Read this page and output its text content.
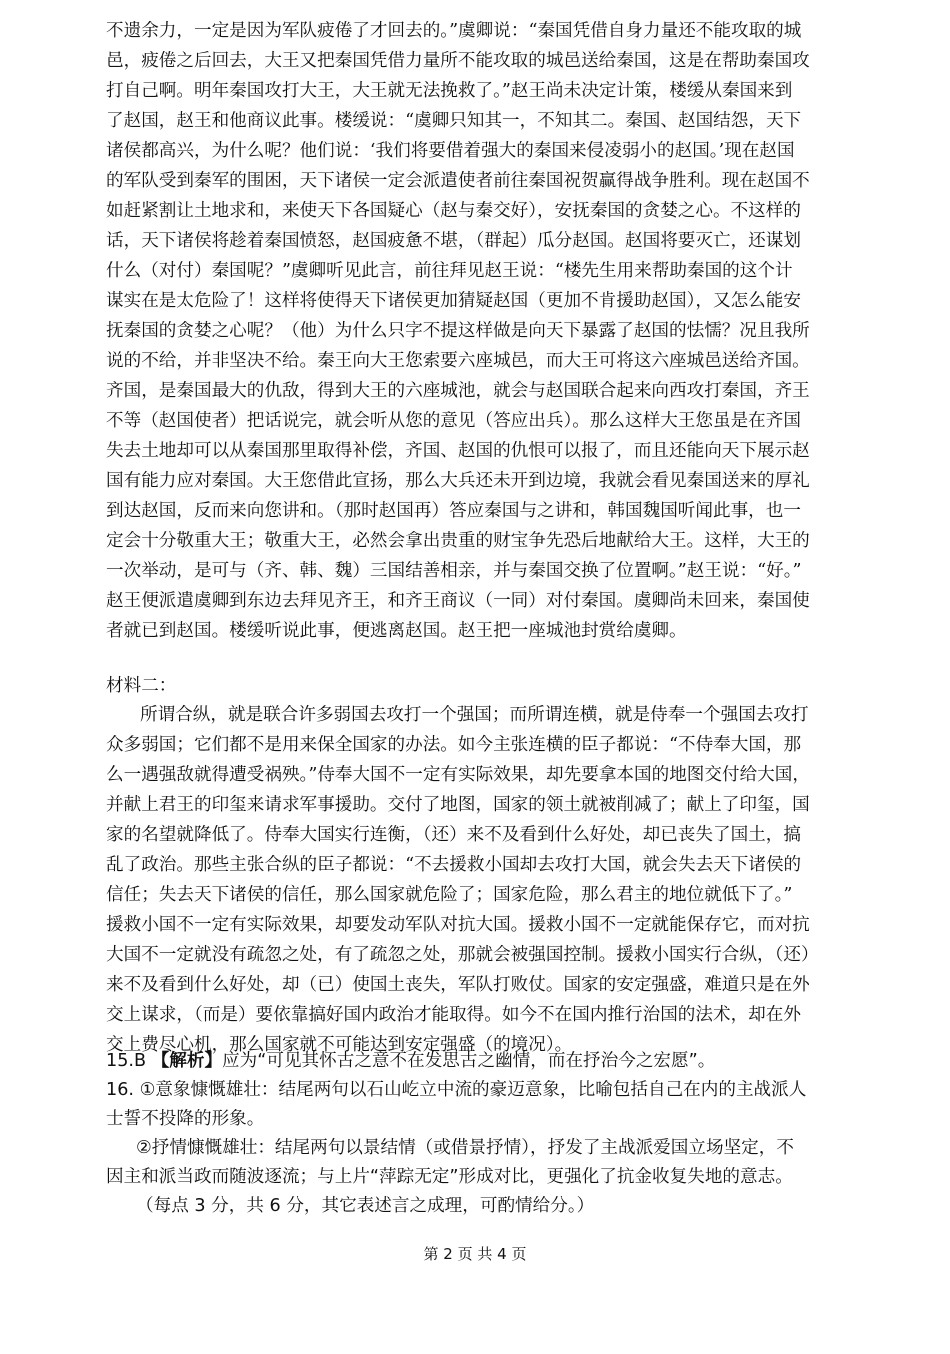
不遗余力，一定是因为军队疲倦了才回去的。”虞卿说：“秦国凭借自身力量还不能攻取的城
邑，疲倦之后回去，大王又把秦国凭借力量所不能攻取的城邑送给秦国，这是在帮助秦国攻
打自己啊。明年秦国攻打大王，大王就无法挽救了。”赵王尚未决定计策，楼缓从秦国来到
了赵国，赵王和他商议此事。楼缓说：“虞卿只知其一，不知其二。秦国、赵国结怨，天下
诸侯都高兴，为什么呢？他们说：‘我们将要借着强大的秦国来侵凌弱小的赵国。’现在赵国
的军队受到秦军的围困，天下诸侯一定会派遣使者前往秦国祝贺赢得战争胜利。现在赵国不
如赶紧割让土地求和，来使天下各国疑心（赵与秦交好），安抚秦国的贪婪之心。不这样的
话，天下诸侯将趁着秦国愤怒，赵国疲惫不堪，（群起）瓜分赵国。赵国将要灭亡，还谋划
什么（对付）秦国呢？”虞卿听见此言，前往拜见赵王说：“楼先生用来帮助秦国的这个计
谋实在是太危险了！这样将使得天下诸侯更加猜疑赵国（更加不肯援助赵国），又怎么能安
抚秦国的贪婪之心呢？（他）为什么只字不提这样做是向天下暴露了赵国的怯懦？况且我所
说的不给，并非坚决不给。秦王向大王您索要六座城邑，而大王可将这六座城邑送给齐国。
齐国，是秦国最大的仇敌，得到大王的六座城池，就会与赵国联合起来向西攻打秦国，齐王
不等（赵国使者）把话说完，就会听从您的意见（答应出兵）。那么这样大王您虽是在齐国
失去土地却可以从秦国那里取得补偿，齐国、赵国的仇恨可以报了，而且还能向天下展示赵
国有能力应对秦国。大王您借此宣扬，那么大兵还未开到边境，我就会看见秦国送来的厚礼
到达赵国，反而来向您讲和。（那时赵国再）答应秦国与之讲和，韩国魏国听闻此事，也一
定会十分敬重大王；敬重大王，必然会拿出贵重的财宝争先恐后地献给大王。这样，大王的
一次举动，是可与（齐、韩、魏）三国结善相亲，并与秦国交换了位置啊。”赵王说：“好。”
赵王便派遣虞卿到东边去拜见齐王，和齐王商议（一同）对付秦国。虞卿尚未回来，秦国使
者就已到赵国。楼缓听说此事，便逃离赵国。赵王把一座城池封赏给虞卿。
材料二：
所谓合纵，就是联合许多弱国去攻打一个强国；而所谓连横，就是侍奉一个强国去攻打
众多弱国；它们都不是用来保全国家的办法。如今主张连横的臣子都说：“不侍奉大国，那
么一遇强敌就得遭受祸殃。”侍奉大国不一定有实际效果，却先要拿本国的地图交付给大国，
并献上君王的印玺来请求军事援助。交付了地图，国家的领土就被削减了；献上了印玺，国
家的名望就降低了。侍奉大国实行连衡，（还）来不及看到什么好处，却已丧失了国土，搞
乱了政治。那些主张合纵的臣子都说：“不去援救小国却去攻打大国，就会失去天下诸侯的
信任；失去天下诸侯的信任，那么国家就危险了；国家危险，那么君主的地位就低下了。”
援救小国不一定有实际效果，却要发动军队对抗大国。援救小国不一定就能保存它，而对抗
大国不一定就没有疏忽之处，有了疏忽之处，那就会被强国控制。援救小国实行合纵，（还）
来不及看到什么好处，却（已）使国土丧失，军队打败仗。国家的安定强盛，难道只是在外
交上谋求，（而是）要依靠搞好国内政治才能取得。如今不在国内推行治国的法术，却在外
交上费尽心机，那么国家就不可能达到安定强盛（的境况）。
15.B 【解析】应为“可见其怀古之意不在发思古之幽情，而在抒治今之宏愿”。
16. ①意象慷慨雄壮：结尾两句以石山屹立中流的豪迈意象，比喻包括自己在内的主战派人
士誓不投降的形象。
②抒情慷慨雄壮：结尾两句以景结情（或借景抒情），抒发了主战派爱国立场坚定，不
因主和派当政而随波逐流；与上片“萍踪无定”形成对比，更强化了抗金收复失地的意志。
（每点 3 分，共 6 分，其它表述言之成理，可酌情给分。）
第 2 页 共 4 页
